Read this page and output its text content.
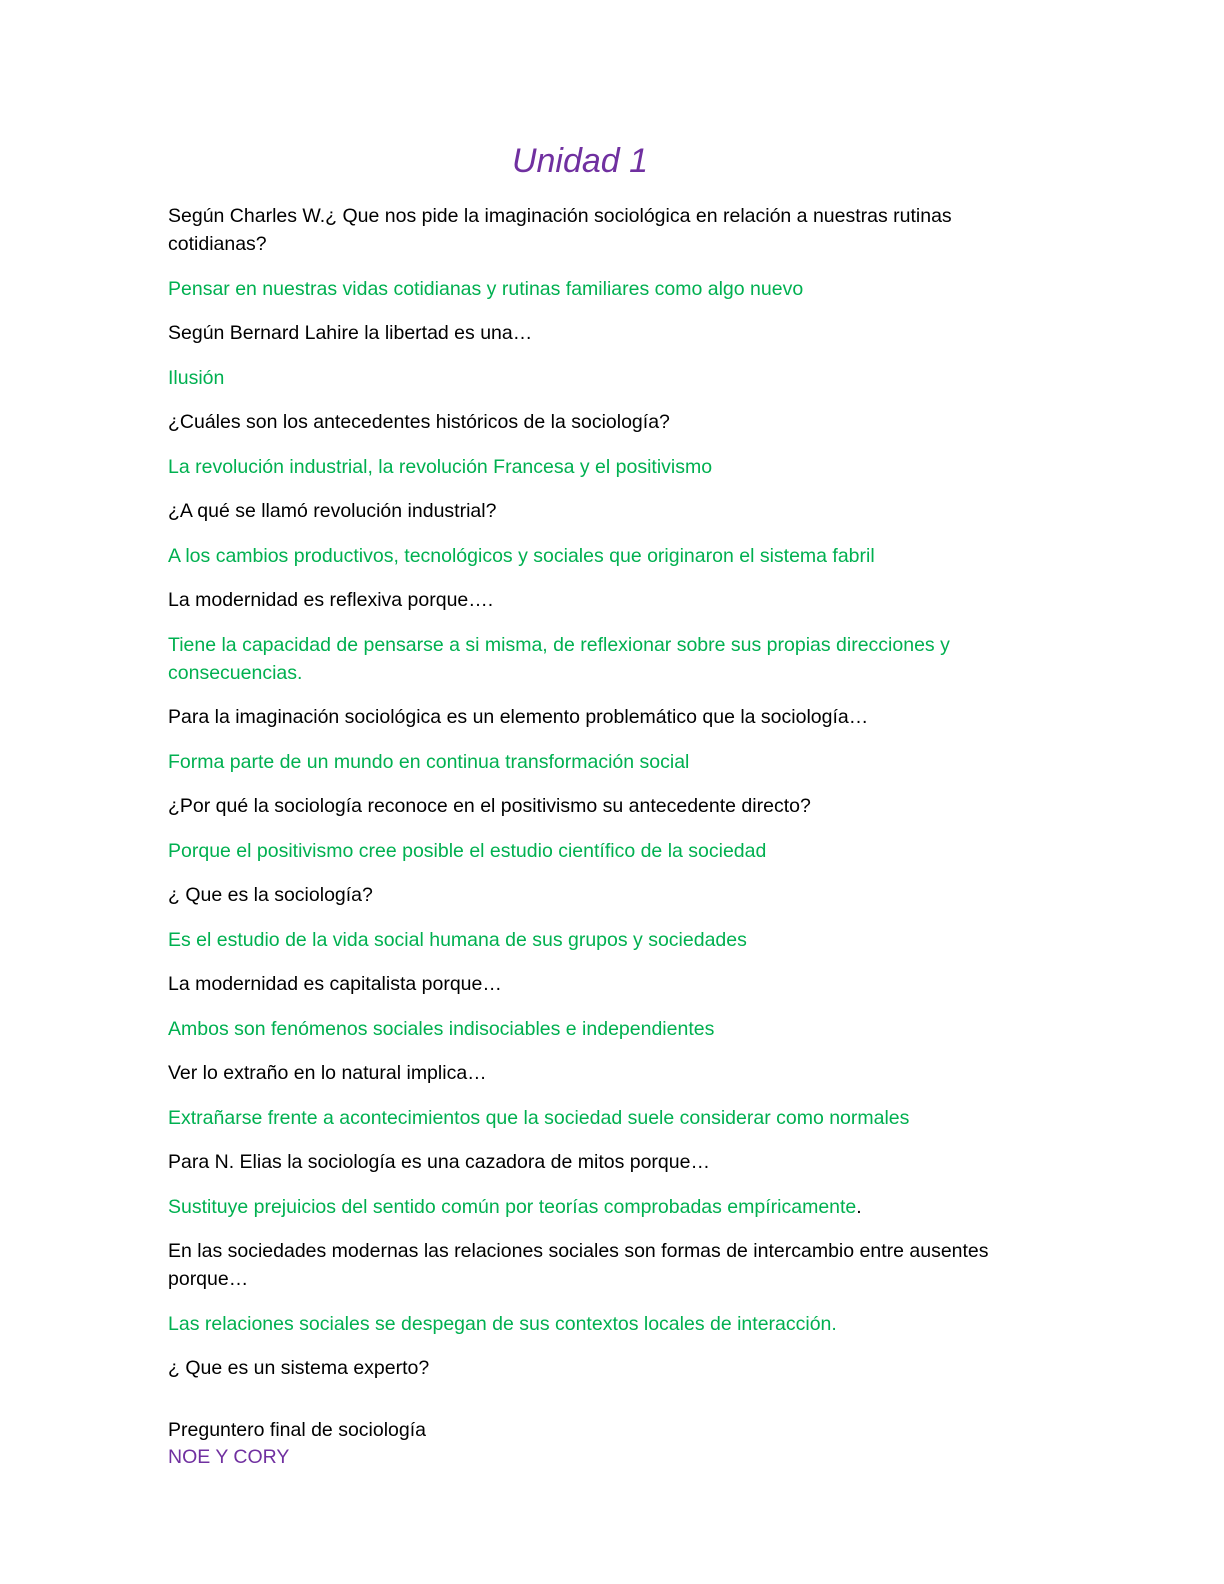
Unidad 1

Según Charles W.¿ Que nos pide la imaginación sociológica en relación a nuestras rutinas cotidianas?

Pensar en nuestras vidas cotidianas y rutinas familiares como algo nuevo

Según Bernard Lahire la libertad es una…

Ilusión

¿Cuáles son los antecedentes históricos de la sociología?

La revolución industrial, la revolución Francesa y el positivismo

¿A qué se llamó revolución industrial?

A los cambios productivos, tecnológicos y sociales que originaron el sistema fabril

La modernidad es reflexiva porque….

Tiene la capacidad de pensarse a si misma, de reflexionar sobre sus propias direcciones y consecuencias.

Para la imaginación sociológica es un elemento problemático que la sociología…

Forma parte de un mundo en continua transformación social

¿Por qué la sociología reconoce en el positivismo su antecedente directo?

Porque el positivismo cree posible el estudio científico de la sociedad

¿ Que es la sociología?

Es el estudio de la vida social humana de sus grupos y sociedades

La modernidad es capitalista porque…

Ambos son fenómenos sociales indisociables e independientes

Ver lo extraño en lo natural implica…

Extrañarse frente a acontecimientos que la sociedad suele considerar como normales

Para N. Elias la sociología es una cazadora de mitos porque…

Sustituye prejuicios del sentido común por teorías comprobadas empíricamente.

En las sociedades modernas las relaciones sociales son formas de intercambio entre ausentes porque…

Las relaciones sociales se despegan de sus contextos locales de interacción.

¿ Que es un sistema experto?

Preguntero final de sociología
NOE Y CORY
